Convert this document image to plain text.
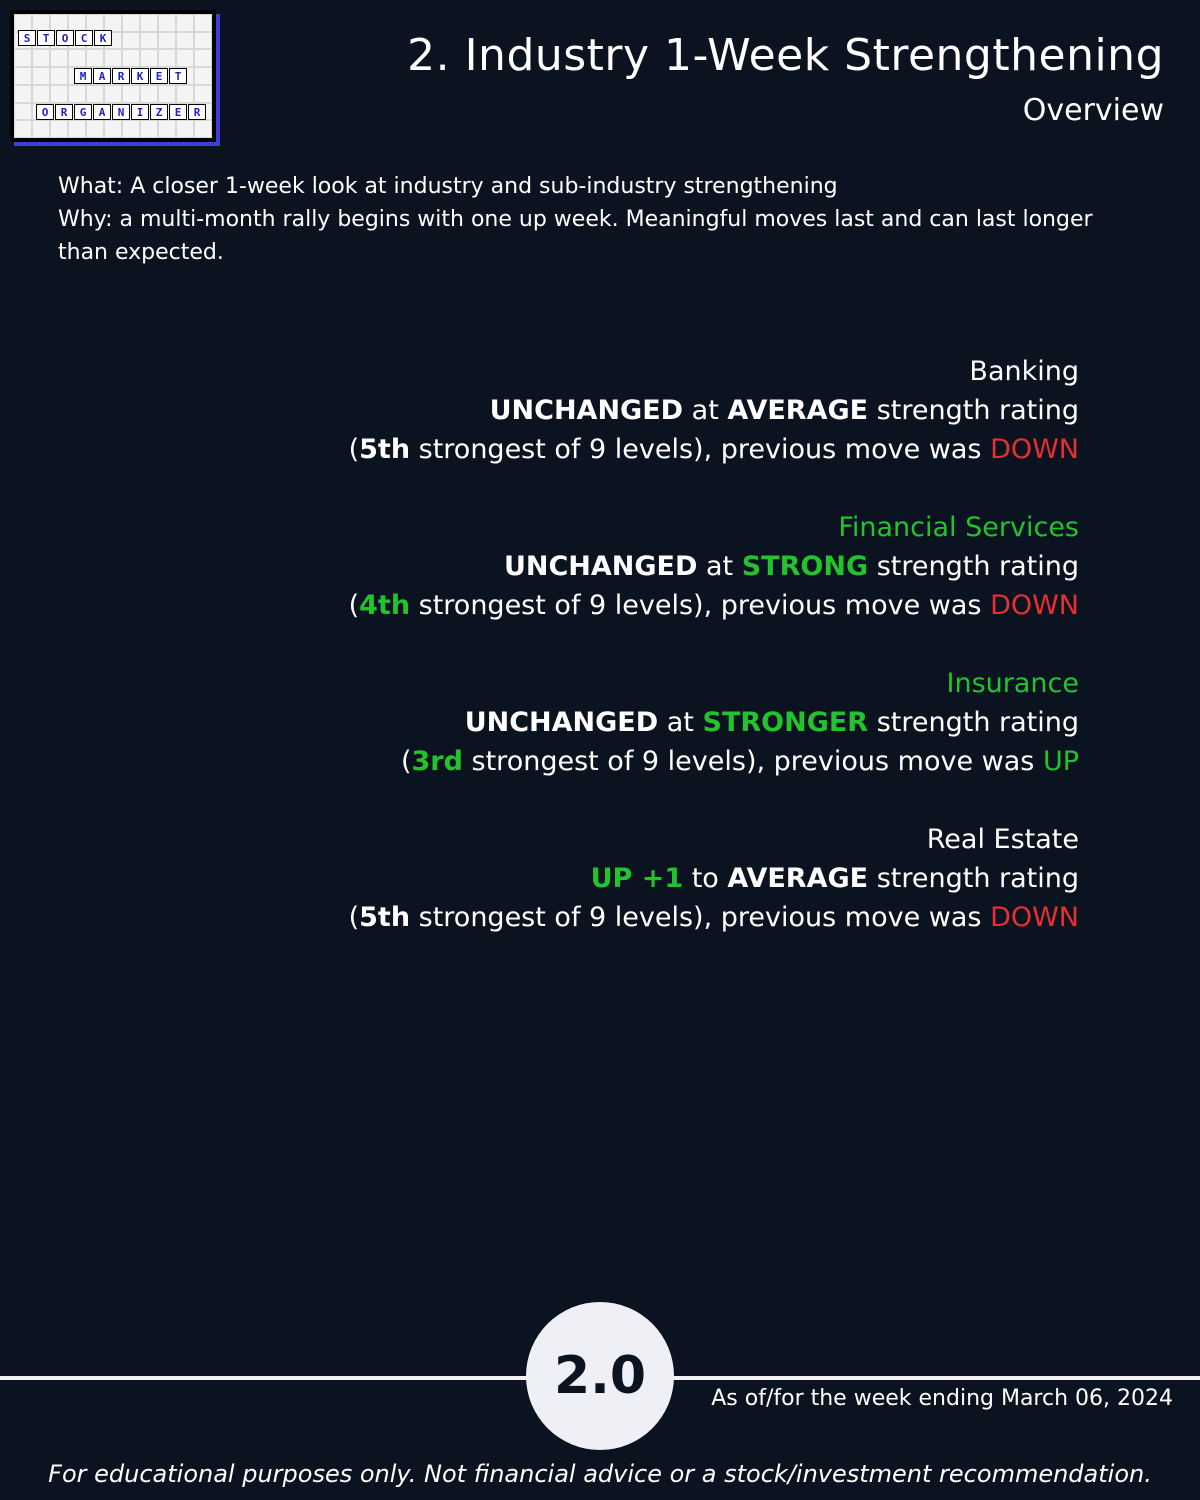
S	T	O	C	K
M	A	R	K	E	T
O	R	G	A	N	I	Z	E	R
2. Industry 1-Week Strengthening
Overview
What: A closer 1-week look at industry and sub-industry strengthening
Why: a multi-month rally begins with one up week. Meaningful moves last and can last longer than expected.
Banking
UNCHANGED at AVERAGE strength rating
(5th strongest of 9 levels), previous move was DOWN
Financial Services
UNCHANGED at STRONG strength rating
(4th strongest of 9 levels), previous move was DOWN
Insurance
UNCHANGED at STRONGER strength rating
(3rd strongest of 9 levels), previous move was UP
Real Estate
UP +1 to AVERAGE strength rating
(5th strongest of 9 levels), previous move was DOWN
2.0	As of/for the week ending March 06, 2024
For educational purposes only. Not financial advice or a stock/investment recommendation.
